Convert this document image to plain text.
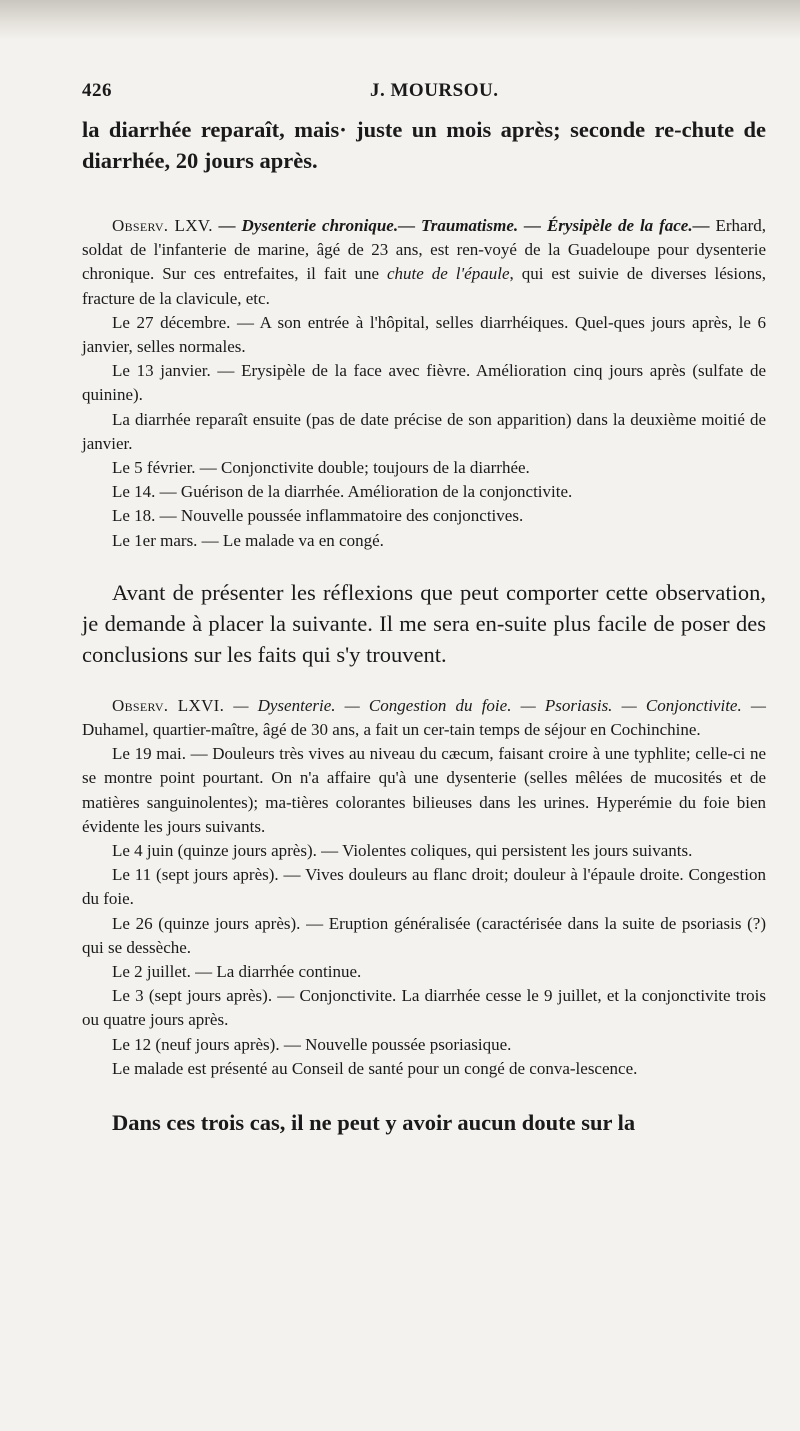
426	J. MOURSOU.

la diarrhée reparaît, mais· juste un mois après; seconde re-chute de diarrhée, 20 jours après.

Observ. LXV. — Dysenterie chronique.— Traumatisme. — Érysipèle de la face.— Erhard, soldat de l'infanterie de marine, âgé de 23 ans, est ren-voyé de la Guadeloupe pour dysenterie chronique. Sur ces entrefaites, il fait une chute de l'épaule, qui est suivie de diverses lésions, fracture de la clavicule, etc.

Le 27 décembre. — A son entrée à l'hôpital, selles diarrhéiques. Quel-ques jours après, le 6 janvier, selles normales.

Le 13 janvier. — Erysipèle de la face avec fièvre. Amélioration cinq jours après (sulfate de quinine).

La diarrhée reparaît ensuite (pas de date précise de son apparition) dans la deuxième moitié de janvier.

Le 5 février. — Conjonctivite double; toujours de la diarrhée.

Le 14. — Guérison de la diarrhée. Amélioration de la conjonctivite.

Le 18. — Nouvelle poussée inflammatoire des conjonctives.

Le 1er mars. — Le malade va en congé.

Avant de présenter les réflexions que peut comporter cette observation, je demande à placer la suivante. Il me sera en-suite plus facile de poser des conclusions sur les faits qui s'y trouvent.

Observ. LXVI. — Dysenterie. — Congestion du foie. — Psoriasis. — Conjonctivite. — Duhamel, quartier-maître, âgé de 30 ans, a fait un cer-tain temps de séjour en Cochinchine.

Le 19 mai. — Douleurs très vives au niveau du cæcum, faisant croire à une typhlite; celle-ci ne se montre point pourtant. On n'a affaire qu'à une dysenterie (selles mêlées de mucosités et de matières sanguinolentes); ma-tières colorantes bilieuses dans les urines. Hyperémie du foie bien évidente les jours suivants.

Le 4 juin (quinze jours après). — Violentes coliques, qui persistent les jours suivants.

Le 11 (sept jours après). — Vives douleurs au flanc droit; douleur à l'épaule droite. Congestion du foie.

Le 26 (quinze jours après). — Eruption généralisée (caractérisée dans la suite de psoriasis (?) qui se dessèche.

Le 2 juillet. — La diarrhée continue.

Le 3 (sept jours après). — Conjonctivite. La diarrhée cesse le 9 juillet, et la conjonctivite trois ou quatre jours après.

Le 12 (neuf jours après). — Nouvelle poussée psoriasique.

Le malade est présenté au Conseil de santé pour un congé de conva-lescence.

Dans ces trois cas, il ne peut y avoir aucun doute sur la
